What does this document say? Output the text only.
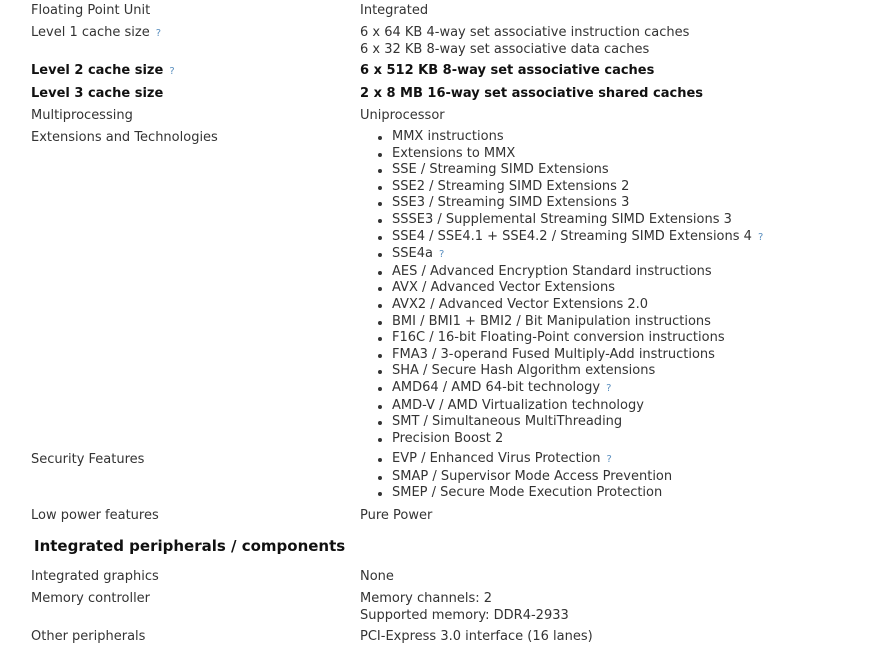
Floating Point Unit	Integrated
Level 1 cache size ?	6 x 64 KB 4-way set associative instruction caches
6 x 32 KB 8-way set associative data caches
Level 2 cache size ?	6 x 512 KB 8-way set associative caches
Level 3 cache size	2 x 8 MB 16-way set associative shared caches
Multiprocessing	Uniprocessor
Extensions and Technologies	MMX instructions
Extensions to MMX
SSE / Streaming SIMD Extensions
SSE2 / Streaming SIMD Extensions 2
SSE3 / Streaming SIMD Extensions 3
SSSE3 / Supplemental Streaming SIMD Extensions 3
SSE4 / SSE4.1 + SSE4.2 / Streaming SIMD Extensions 4 ?
SSE4a ?
AES / Advanced Encryption Standard instructions
AVX / Advanced Vector Extensions
AVX2 / Advanced Vector Extensions 2.0
BMI / BMI1 + BMI2 / Bit Manipulation instructions
F16C / 16-bit Floating-Point conversion instructions
FMA3 / 3-operand Fused Multiply-Add instructions
SHA / Secure Hash Algorithm extensions
AMD64 / AMD 64-bit technology ?
AMD-V / AMD Virtualization technology
SMT / Simultaneous MultiThreading
Precision Boost 2
Security Features	EVP / Enhanced Virus Protection ?
SMAP / Supervisor Mode Access Prevention
SMEP / Secure Mode Execution Protection
Low power features	Pure Power
Integrated peripherals / components
Integrated graphics	None
Memory controller	Memory channels: 2
Supported memory: DDR4-2933
Other peripherals	PCI-Express 3.0 interface (16 lanes)
